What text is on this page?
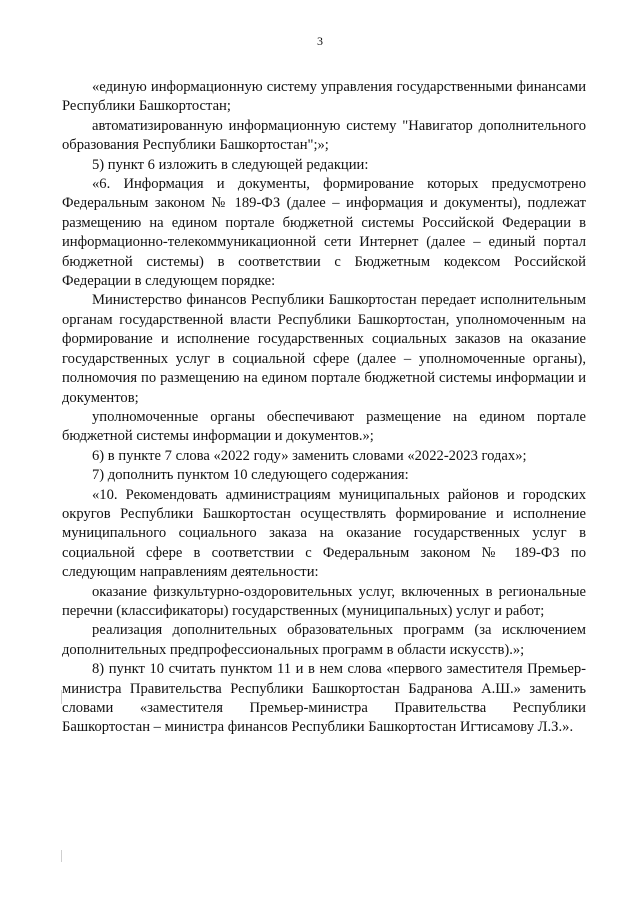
3

«единую информационную систему управления государственными финансами Республики Башкортостан;

автоматизированную информационную систему "Навигатор дополнительного образования Республики Башкортостан";»;

5) пункт 6 изложить в следующей редакции:

«6. Информация и документы, формирование которых предусмотрено Федеральным законом № 189-ФЗ (далее – информация и документы), подлежат размещению на едином портале бюджетной системы Российской Федерации в информационно-телекоммуникационной сети Интернет (далее – единый портал бюджетной системы) в соответствии с Бюджетным кодексом Российской Федерации в следующем порядке:

Министерство финансов Республики Башкортостан передает исполнительным органам государственной власти Республики Башкортостан, уполномоченным на формирование и исполнение государственных социальных заказов на оказание государственных услуг в социальной сфере (далее – уполномоченные органы), полномочия по размещению на едином портале бюджетной системы информации и документов;

уполномоченные органы обеспечивают размещение на едином портале бюджетной системы информации и документов.»;

6) в пункте 7 слова «2022 году» заменить словами «2022-2023 годах»;

7) дополнить пунктом 10 следующего содержания:

«10. Рекомендовать администрациям муниципальных районов и городских округов Республики Башкортостан осуществлять формирование и исполнение муниципального социального заказа на оказание государственных услуг в социальной сфере в соответствии с Федеральным законом № 189-ФЗ по следующим направлениям деятельности:

оказание физкультурно-оздоровительных услуг, включенных в региональные перечни (классификаторы) государственных (муниципальных) услуг и работ;

реализация дополнительных образовательных программ (за исключением дополнительных предпрофессиональных программ в области искусств).»;

8) пункт 10 считать пунктом 11 и в нем слова «первого заместителя Премьер-министра Правительства Республики Башкортостан Бадранова А.Ш.» заменить словами «заместителя Премьер-министра Правительства Республики Башкортостан – министра финансов Республики Башкортостан Игтисамову Л.З.».
